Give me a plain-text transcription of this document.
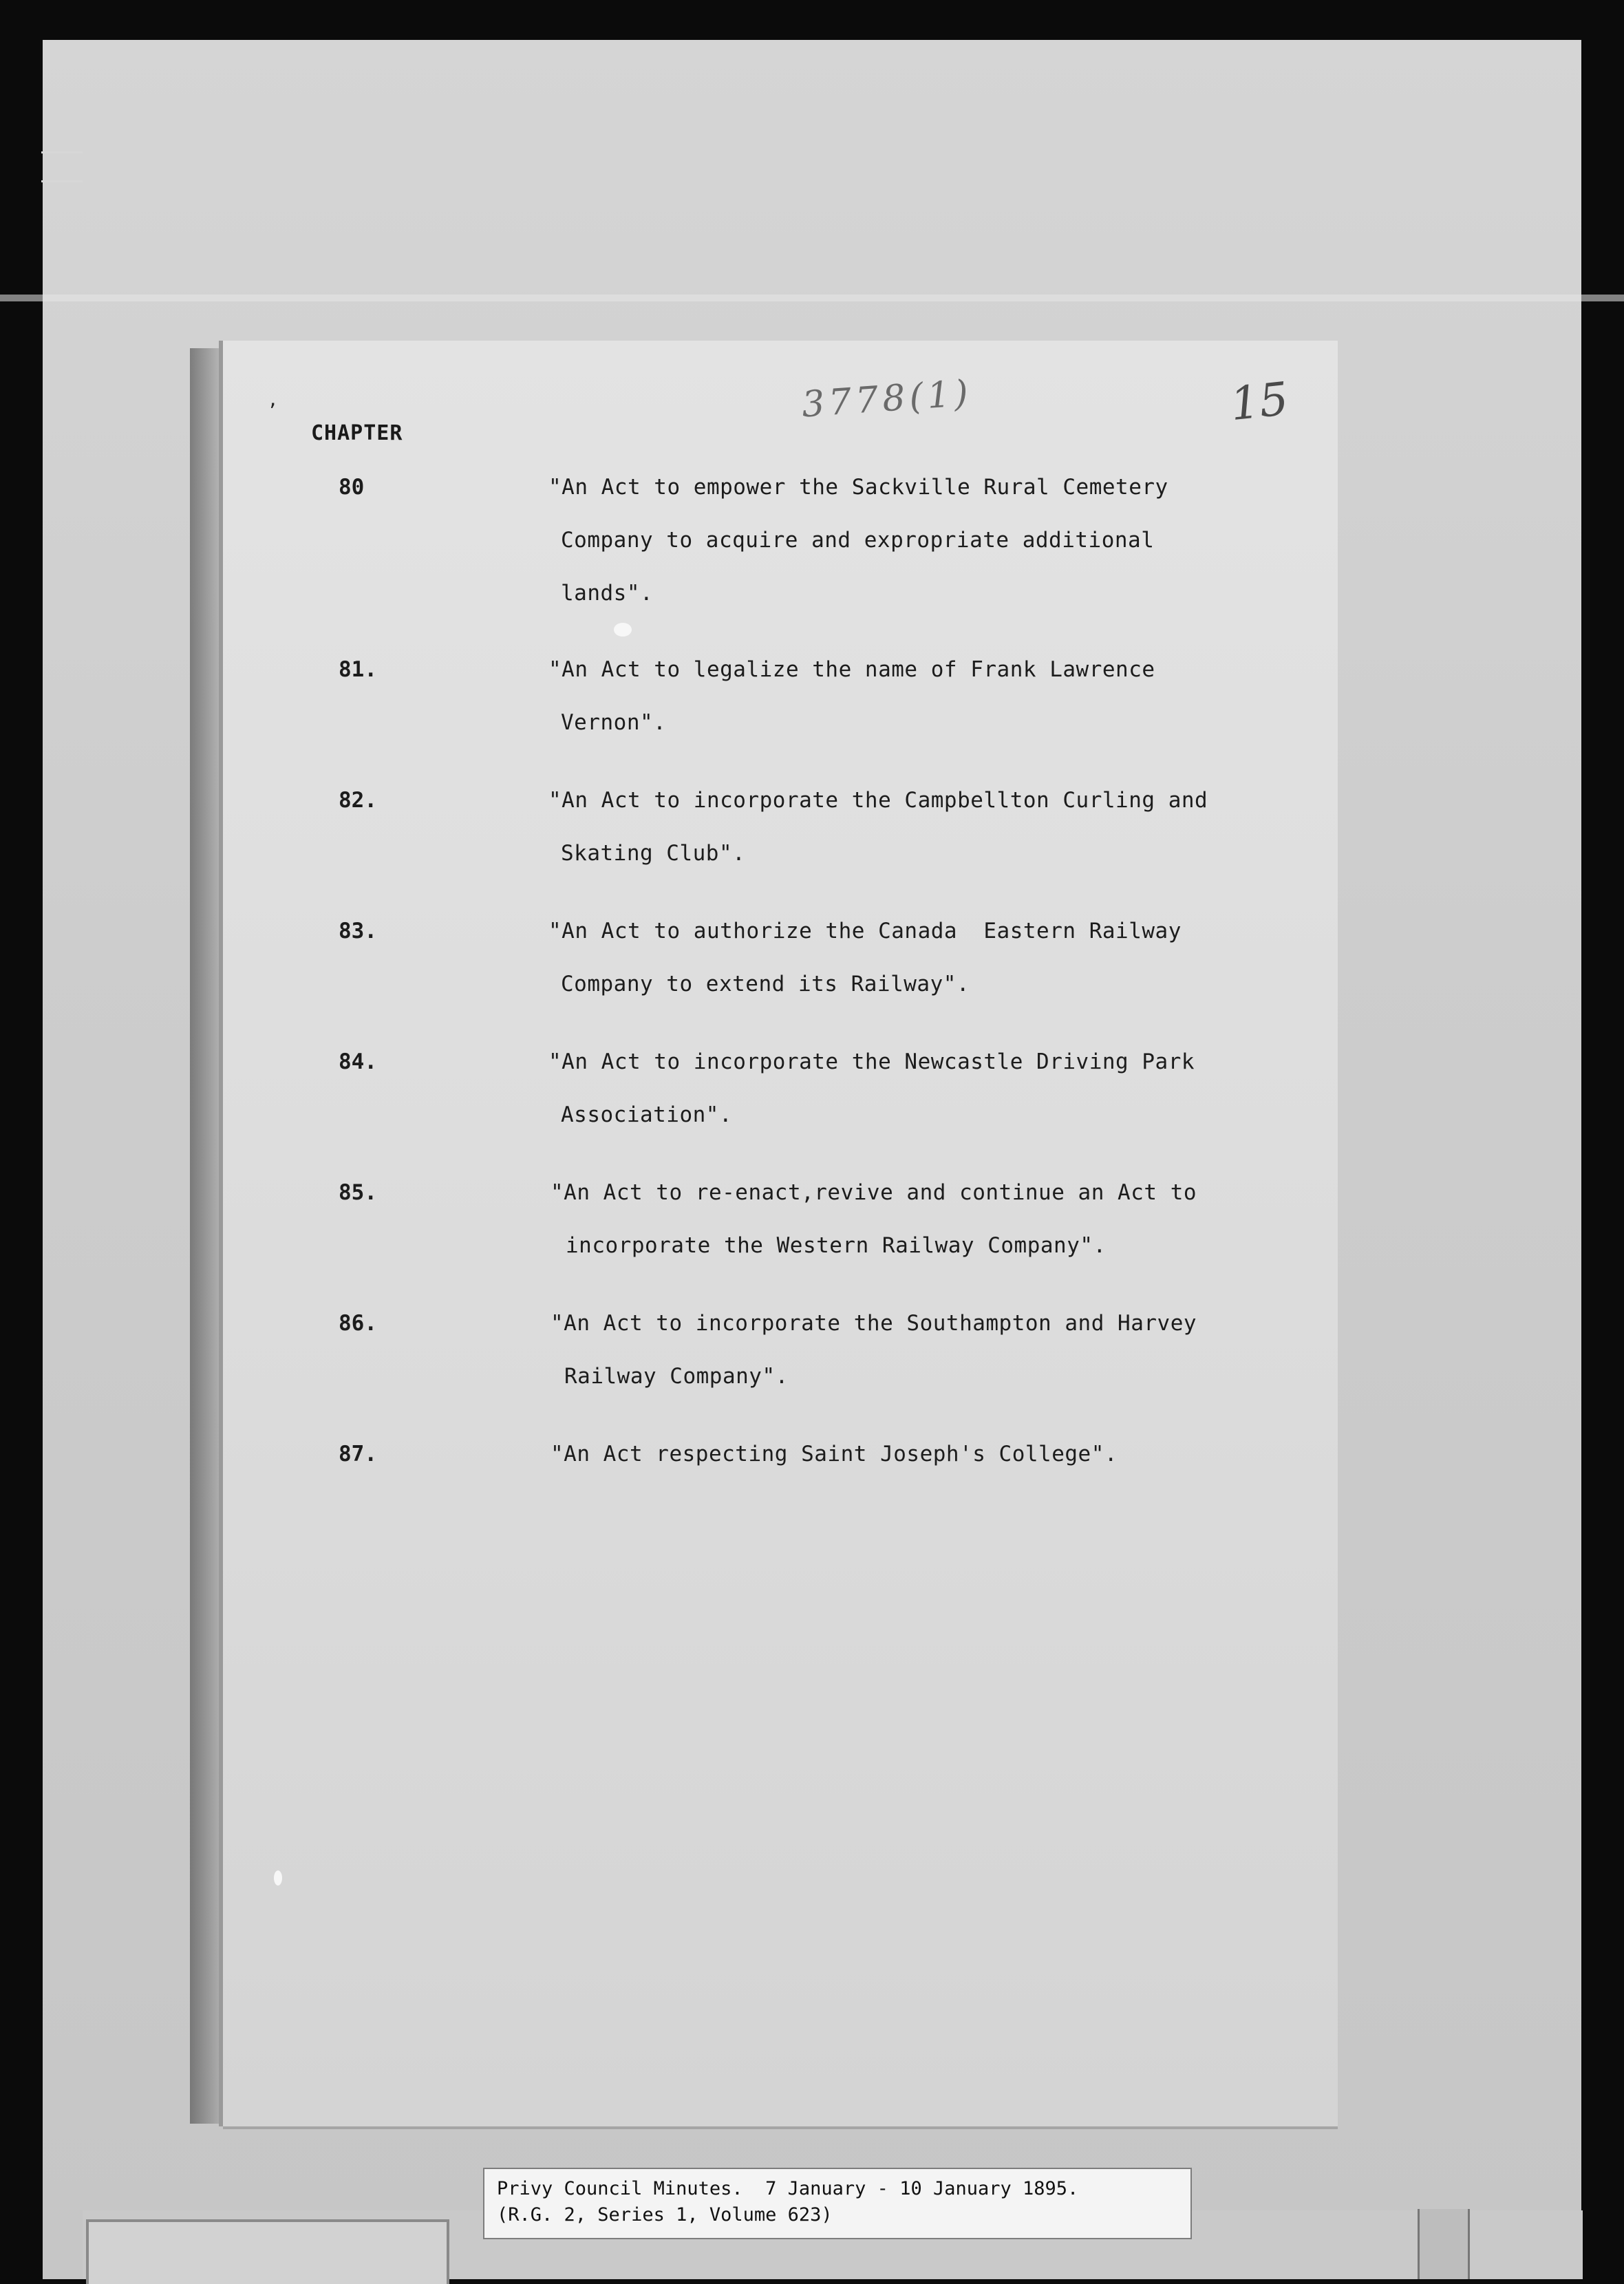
’	3778(1)	15
CHAPTER
80	"An Act to empower the Sackville Rural Cemetery
Company to acquire and expropriate additional
lands".
81.	"An Act to legalize the name of Frank Lawrence
Vernon".
82.	"An Act to incorporate the Campbellton Curling and
Skating Club".
83.	"An Act to authorize the Canada  Eastern Railway
Company to extend its Railway".
84.	"An Act to incorporate the Newcastle Driving Park
Association".
85.	"An Act to re-enact,revive and continue an Act to
incorporate the Western Railway Company".
86.	"An Act to incorporate the Southampton and Harvey
Railway Company".
87.	"An Act respecting Saint Joseph's College".
Privy Council Minutes.  7 January - 10 January 1895.
(R.G. 2, Series 1, Volume 623)
